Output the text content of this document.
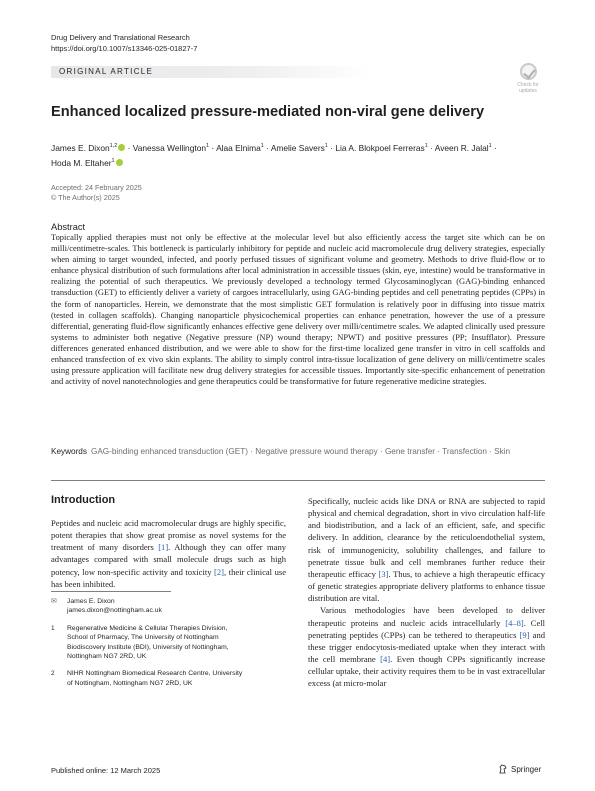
Drug Delivery and Translational Research
https://doi.org/10.1007/s13346-025-01827-7
ORIGINAL ARTICLE
Check for
updates
Enhanced localized pressure-mediated non-viral gene delivery
James E. Dixon$^{1,2}$ · Vanessa Wellington$^1$ · Alaa Elnima$^1$ · Amelie Savers$^1$ · Lia A. Blokpoel Ferreras$^1$ · Aveen R. Jalal$^1$ · Hoda M. Eltaher$^1$
Accepted: 24 February 2025
© The Author(s) 2025
Abstract
Topically applied therapies must not only be effective at the molecular level but also efficiently access the target site which can be on milli/centimetre-scales. This bottleneck is particularly inhibitory for peptide and nucleic acid macromolecule drug delivery strategies, especially when aiming to target wounded, infected, and poorly perfused tissues of significant volume and geometry. Methods to drive fluid-flow or to enhance physical distribution of such formulations after local administration in accessible tissues (skin, eye, intestine) would be transformative in realizing the potential of such therapeutics. We previously developed a technology termed Glycosaminoglycan (GAG)-binding enhanced transduction (GET) to efficiently deliver a variety of cargoes intracellularly, using GAG-binding peptides and cell penetrating peptides (CPPs) in the form of nanoparticles. Herein, we demonstrate that the most simplistic GET formulation is relatively poor in diffusing into tissue matrix (tested in collagen scaffolds). Changing nanoparticle physicochemical properties can enhance penetration, however the use of a pressure differential, generating fluid-flow significantly enhances effective gene delivery over milli/centimetre scales. We adapted clinically used pressure systems to administer both negative (Negative pressure (NP) wound therapy; NPWT) and positive pressures (PP; Insufflator). Pressure differences generated enhanced distribution, and we were able to show for the first-time localized gene transfer in vitro in cell scaffolds and enhanced transfection of ex vivo skin explants. The ability to simply control intra-tissue localization of gene delivery on milli/centimetre scales using pressure application will facilitate new drug delivery strategies for accessible tissues. Importantly site-specific enhancement of penetration and activity of novel nanotechnologies and gene therapeutics could be transformative for future regenerative medicine strategies.
Keywords GAG-binding enhanced transduction (GET) · Negative pressure wound therapy · Gene transfer · Transfection · Skin
Introduction

Peptides and nucleic acid macromolecular drugs are highly specific, potent therapies that show great promise as novel systems for the treatment of many disorders [1]. Although they can offer many advantages compared with small molecule drugs such as high potency, low non-specific activity and toxicity [2], their clinical use has been inhibited.

✉	James E. Dixon
james.dixon@nottingham.ac.uk
1	Regenerative Medicine & Cellular Therapies Division,
School of Pharmacy, The University of Nottingham
Biodiscovery Institute (BDI), University of Nottingham,
Nottingham NG7 2RD, UK
2	NIHR Nottingham Biomedical Research Centre, University
of Nottingham, Nottingham NG7 2RD, UK

Specifically, nucleic acids like DNA or RNA are subjected to rapid physical and chemical degradation, short in vivo circulation half-life and biodistribution, and a lack of an efficient, safe, and specific delivery. In addition, clearance by the reticuloendothelial system, risk of immunogenicity, solubility challenges, and failure to penetrate tissue bulk and cell membranes further reduce their therapeutic efficacy [3]. Thus, to achieve a high therapeutic efficacy of genetic strategies appropriate delivery platforms to enhance tissue distribution are vital.

Various methodologies have been developed to deliver therapeutic proteins and nucleic acids intracellularly [4–8]. Cell penetrating peptides (CPPs) can be tethered to therapeutics [9] and these trigger endocytosis-mediated uptake when they interact with the cell membrane [4]. Even though CPPs significantly increase cellular uptake, their activity requires them to be in vast extracellular excess (at micro-molar

Published online: 12 March 2025	Springer
